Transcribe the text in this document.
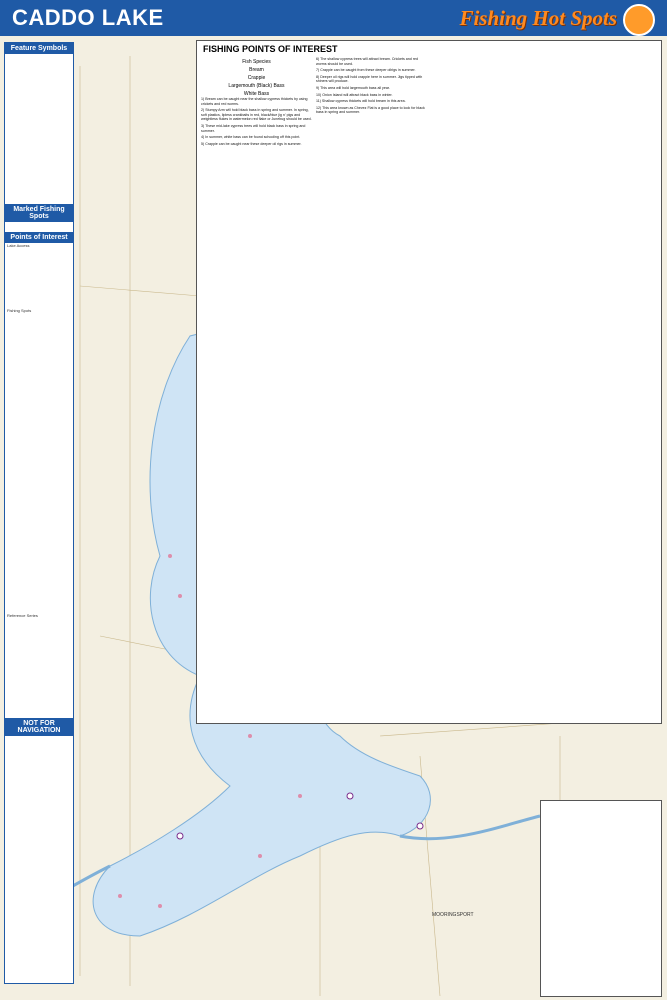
CADDO LAKE	Fishing Hot Spots
MOORINGSPORT
Feature Symbols
Marked Fishing Spots
Points of Interest
Lake Access
Fishing Spots
Reference Series
NOT FOR NAVIGATION
FISHING POINTS OF INTEREST
Fish Species
Bream
Crappie
Largemouth (Black) Bass
White Bass
1) Bream can be caught near the shallow cypress thickets by using crickets and red worms.
2) Stumpy Arm will hold black bass in spring and summer. In spring, soft plastics, lipless crankbaits in red, black/blue jig n' pigs and weightless flukes in watermelon red flake or Junebug should be used.
3) These mid-lake cypress trees will hold black bass in spring and summer.
4) In summer, white bass can be found schooling off this point.
5) Crappie can be caught near these deeper oil rigs in summer.
6) The shallow cypress trees will attract bream. Crickets and red worms should be used.
7) Crappie can be caught from these deeper oilrigs in summer.
8) Deeper oil rigs will hold crappie here in summer. Jigs tipped with shiners will produce.
9) This area will hold largemouth bass all year.
10) Onion Island will attract black bass in winter.
11) Shallow cypress thickets will hold bream in this area.
12) This area known as Chevez Flat is a good place to look for black bass in spring and summer.
